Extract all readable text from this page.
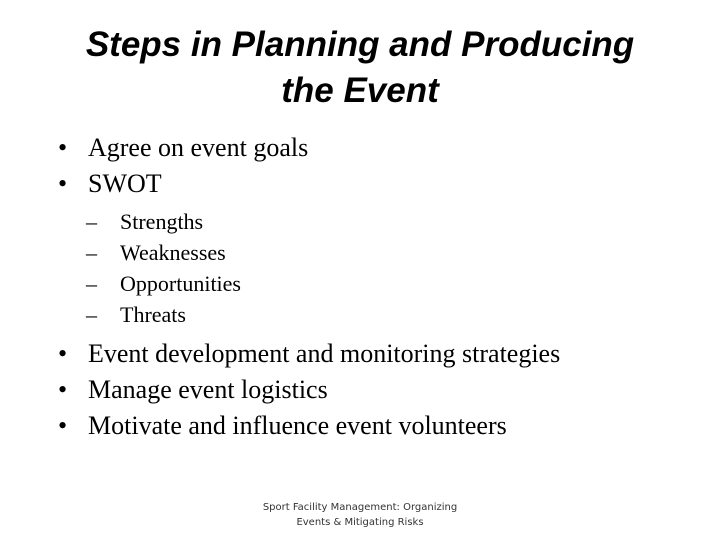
Steps in Planning and Producing
the Event
• Agree on event goals
• SWOT
– Strengths
– Weaknesses
– Opportunities
– Threats
• Event development and monitoring strategies
• Manage event logistics
• Motivate and influence event volunteers
Sport Facility Management: Organizing
Events & Mitigating Risks
